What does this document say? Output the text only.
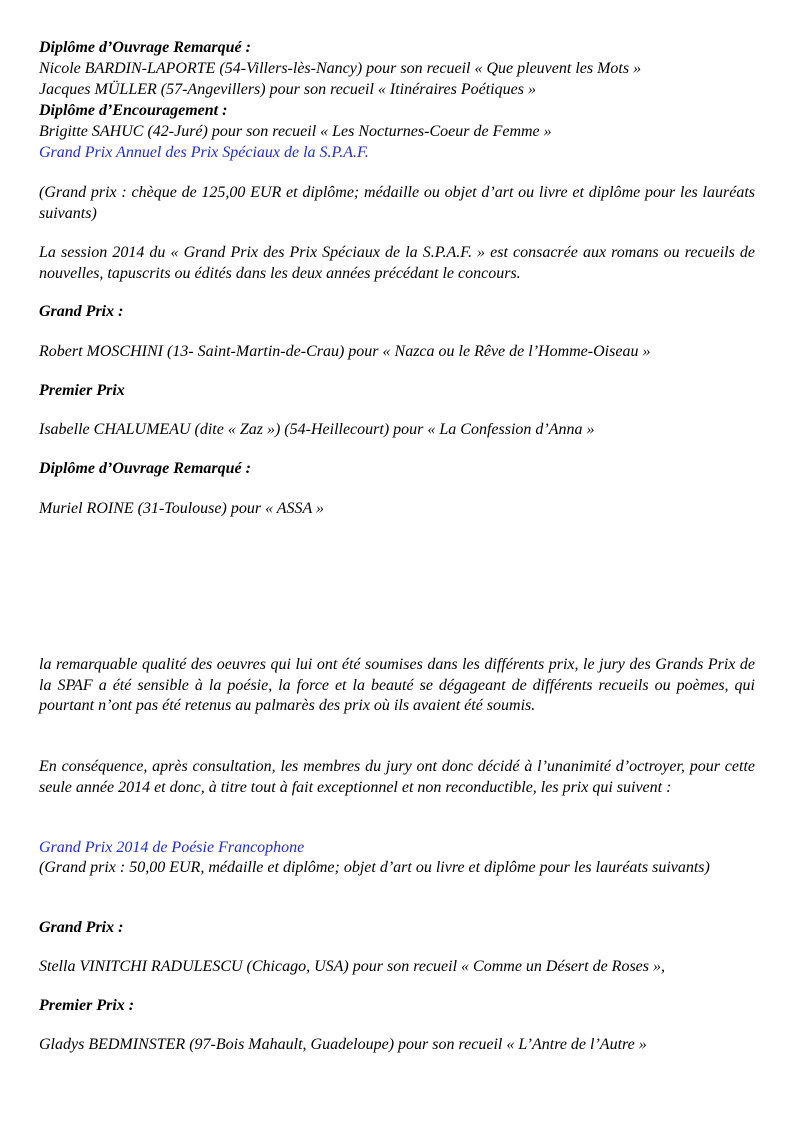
Diplôme d’Ouvrage Remarqué :
Nicole BARDIN-LAPORTE (54-Villers-lès-Nancy) pour son recueil « Que pleuvent les Mots »
Jacques MÜLLER (57-Angevillers) pour son recueil « Itinéraires Poétiques »
Diplôme d’Encouragement :
Brigitte SAHUC (42-Juré) pour son recueil « Les Nocturnes-Coeur de Femme »
Grand Prix Annuel des Prix Spéciaux de la S.P.A.F.

(Grand prix : chèque de 125,00 EUR et diplôme; médaille ou objet d’art ou livre et diplôme pour les lauréats suivants)

La session 2014 du « Grand Prix des Prix Spéciaux de la S.P.A.F. » est consacrée aux romans ou recueils de nouvelles, tapuscrits ou édités dans les deux années précédant le concours.

Grand Prix :
Robert MOSCHINI (13- Saint-Martin-de-Crau) pour « Nazca ou le Rêve de l’Homme-Oiseau »
Premier Prix
Isabelle CHALUMEAU (dite « Zaz ») (54-Heillecourt) pour « La Confession d’Anna »
Diplôme d’Ouvrage Remarqué :
Muriel ROINE (31-Toulouse) pour « ASSA »

la remarquable qualité des oeuvres qui lui ont été soumises dans les différents prix, le jury des Grands Prix de la SPAF a été sensible à la poésie, la force et la beauté se dégageant de différents recueils ou poèmes, qui pourtant n’ont pas été retenus au palmarès des prix où ils avaient été soumis.

En conséquence, après consultation, les membres du jury ont donc décidé à l’unanimité d’octroyer, pour cette seule année 2014 et donc, à titre tout à fait exceptionnel et non reconductible, les prix qui suivent :

Grand Prix 2014 de Poésie Francophone

(Grand prix : 50,00 EUR, médaille et diplôme; objet d’art ou livre et diplôme pour les lauréats suivants)

Grand Prix :
Stella VINITCHI RADULESCU (Chicago, USA) pour son recueil « Comme un Désert de Roses »,
Premier Prix :
Gladys BEDMINSTER (97-Bois Mahault, Guadeloupe) pour son recueil « L’Antre de l’Autre »
